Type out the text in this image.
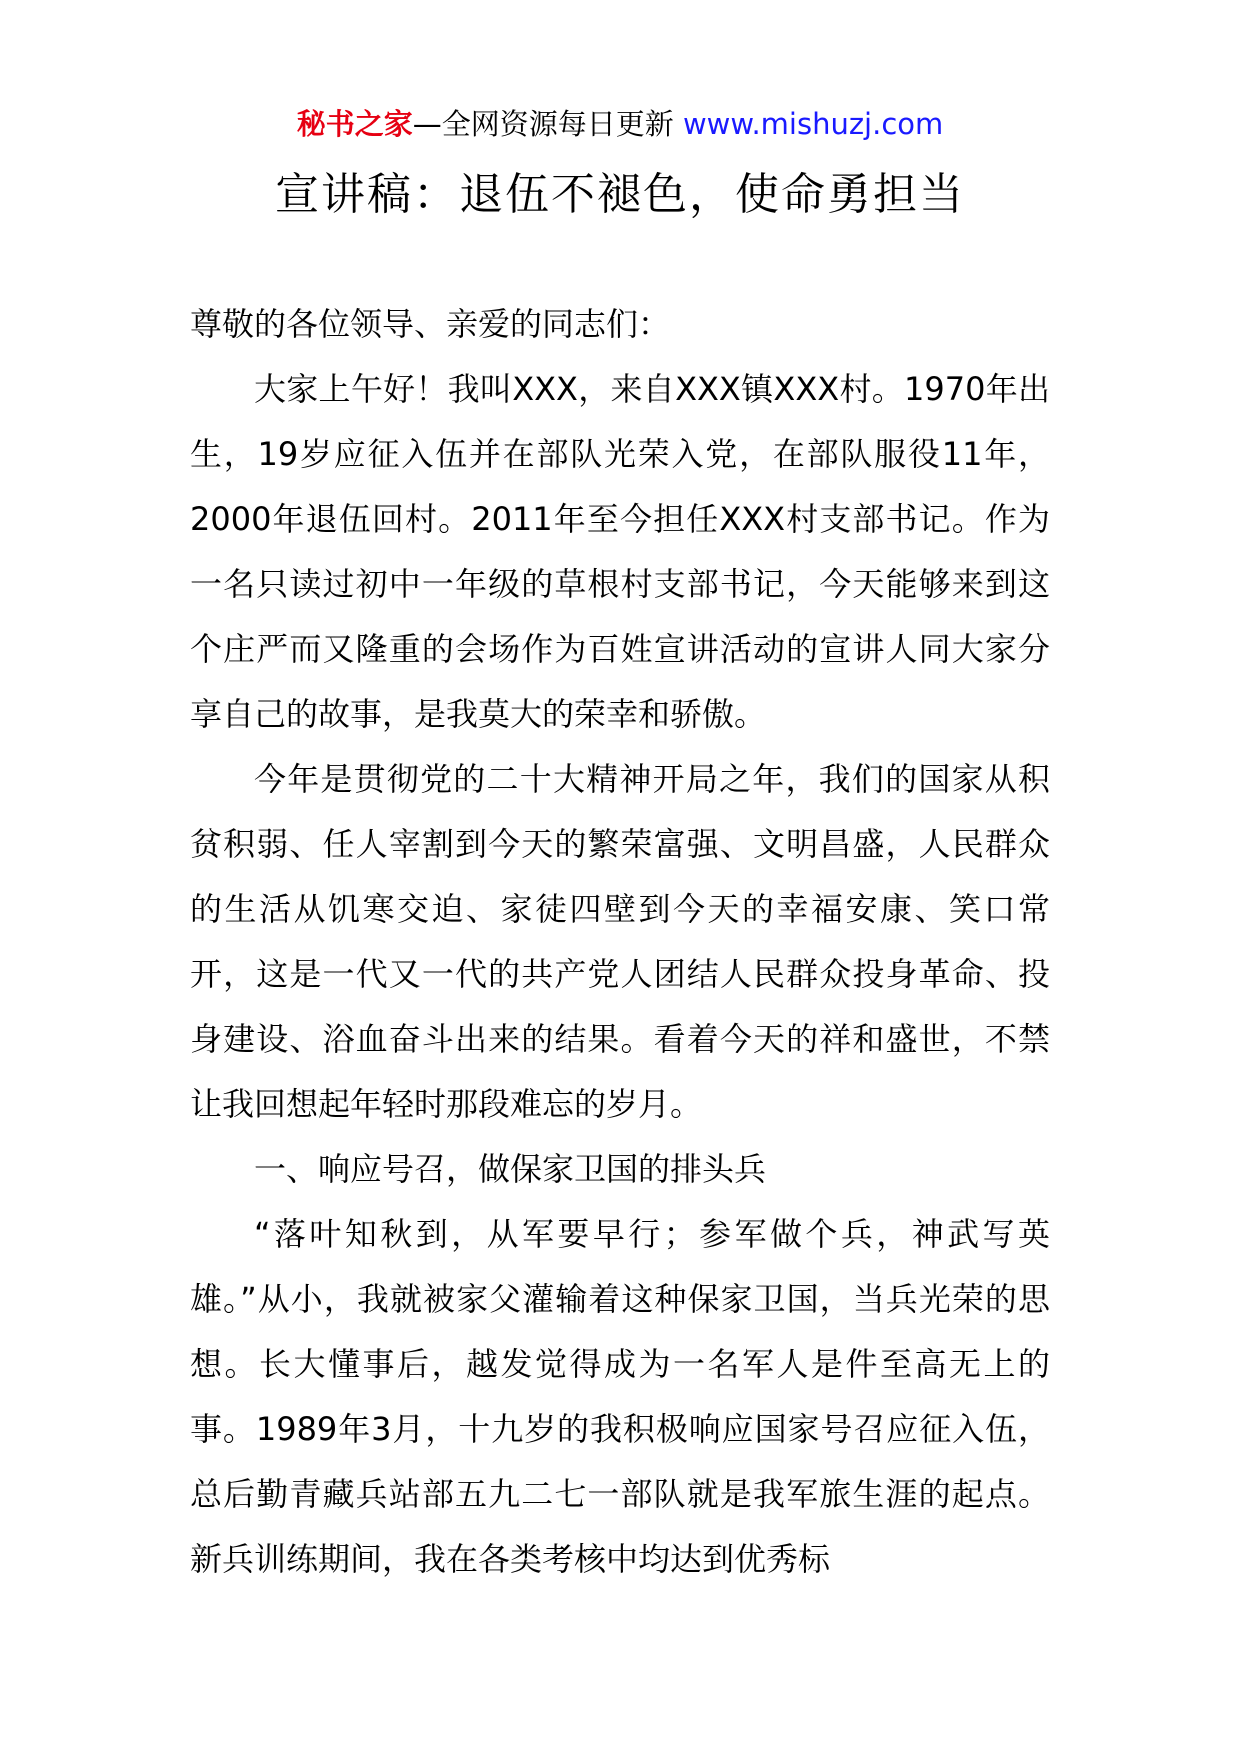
秘书之家—全网资源每日更新 www.mishuzj.com
宣讲稿：退伍不褪色，使命勇担当

尊敬的各位领导、亲爱的同志们：

大家上午好！我叫XXX，来自XXX镇XXX村。1970年出生，19岁应征入伍并在部队光荣入党，在部队服役11年，2000年退伍回村。2011年至今担任XXX村支部书记。作为一名只读过初中一年级的草根村支部书记，今天能够来到这个庄严而又隆重的会场作为百姓宣讲活动的宣讲人同大家分享自己的故事，是我莫大的荣幸和骄傲。

今年是贯彻党的二十大精神开局之年，我们的国家从积贫积弱、任人宰割到今天的繁荣富强、文明昌盛，人民群众的生活从饥寒交迫、家徒四壁到今天的幸福安康、笑口常开，这是一代又一代的共产党人团结人民群众投身革命、投身建设、浴血奋斗出来的结果。看着今天的祥和盛世，不禁让我回想起年轻时那段难忘的岁月。

一、响应号召，做保家卫国的排头兵

“落叶知秋到，从军要早行；参军做个兵，神武写英雄。”从小，我就被家父灌输着这种保家卫国，当兵光荣的思想。长大懂事后，越发觉得成为一名军人是件至高无上的事。1989年3月，十九岁的我积极响应国家号召应征入伍，总后勤青藏兵站部五九二七一部队就是我军旅生涯的起点。新兵训练期间，我在各类考核中均达到优秀标
